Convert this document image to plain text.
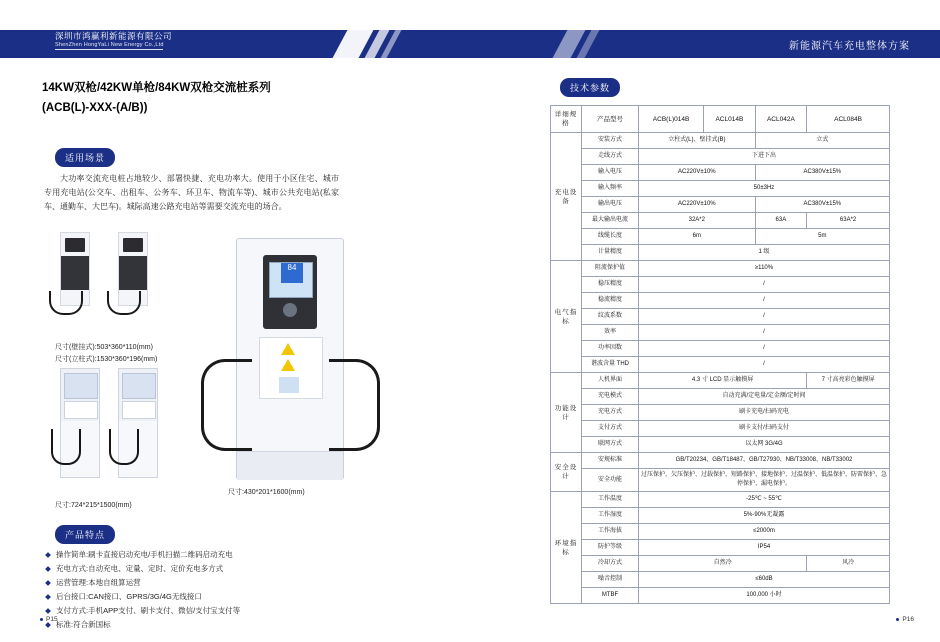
深圳市鸿赢利新能源有限公司
ShenZhen HongYaLi New Energy Co.,Ltd	新能源汽车充电整体方案
14KW双枪/42KW单枪/84KW双枪交流桩系列
(ACB(L)-XXX-(A/B))
适用场景
大功率交流充电桩占地较少、部署快捷、充电功率大。使用于小区住宅、城市专用充电站(公交车、出租车、公务车、环卫车、物流车等)、城市公共充电站(私家车、通勤车、大巴车)。城际高速公路充电站等需要交流充电的场合。
尺寸(壁挂式):503*360*110(mm)
尺寸(立柱式):1530*360*196(mm)
尺寸:724*215*1500(mm)
84
尺寸:430*201*1600(mm)
产品特点
操作简单:刷卡直接启动充电/手机扫描二维码启动充电
充电方式:自动充电、定量、定时、定价充电多方式
运营管理:本地自组算运营
后台接口:CAN接口、GPRS/3G/4G无线接口
支付方式:手机APP支付、刷卡支付、微信/支付宝支付等
标准:符合新国标
技术参数
详细规格	产品型号	ACB(L)014B	ACL014B	ACL042A	ACL084B
充电设备	安装方式	立柱式(L)、壁挂式(B)		立式	
	走线方式	下进下出			
	输入电压	AC220V±10%		AC380V±15%	
	输入频率	50±3Hz			
	输出电压	AC220V±10%		AC380V±15%	
	最大输出电流	32A*2		63A	63A*2
	线缆长度	6m		5m	
	计量精度	1 级			
电气指标	阻流保护值	≥110%			
	稳压精度	/			
	稳流精度	/			
	纹波系数	/			
	效率	/			
	功率因数	/			
	谐波含量 THD	/			
功能设计	人机界面	4.3 寸 LCD 显示触摸屏			7 寸高亮彩色触摸屏
	充电模式	自动充满/定电量/定金额/定时间			
	充电方式	刷卡充电/扫码充电			
	支付方式	刷卡支付/扫码支付			
	联网方式	以太网 3G/4G			
安全设计	安规标准	GB/T20234、GB/T18487、GB/T27930、NB/T33008、NB/T33002			
	安全功能	过压保护、欠压保护、过载保护、短路保护、接地保护、过温保护、低温保护、防雷保护、急停保护、漏电保护。			
环境指标	工作温度	-25℃ ~ 55℃			
	工作湿度	5%-90%无凝露			
	工作海拔	≤2000m			
	防护等级	IP54			
	冷却方式	自然冷			风冷
	噪音控制	≤60dB			
	MTBF	100,000 小时			
P15	P16
